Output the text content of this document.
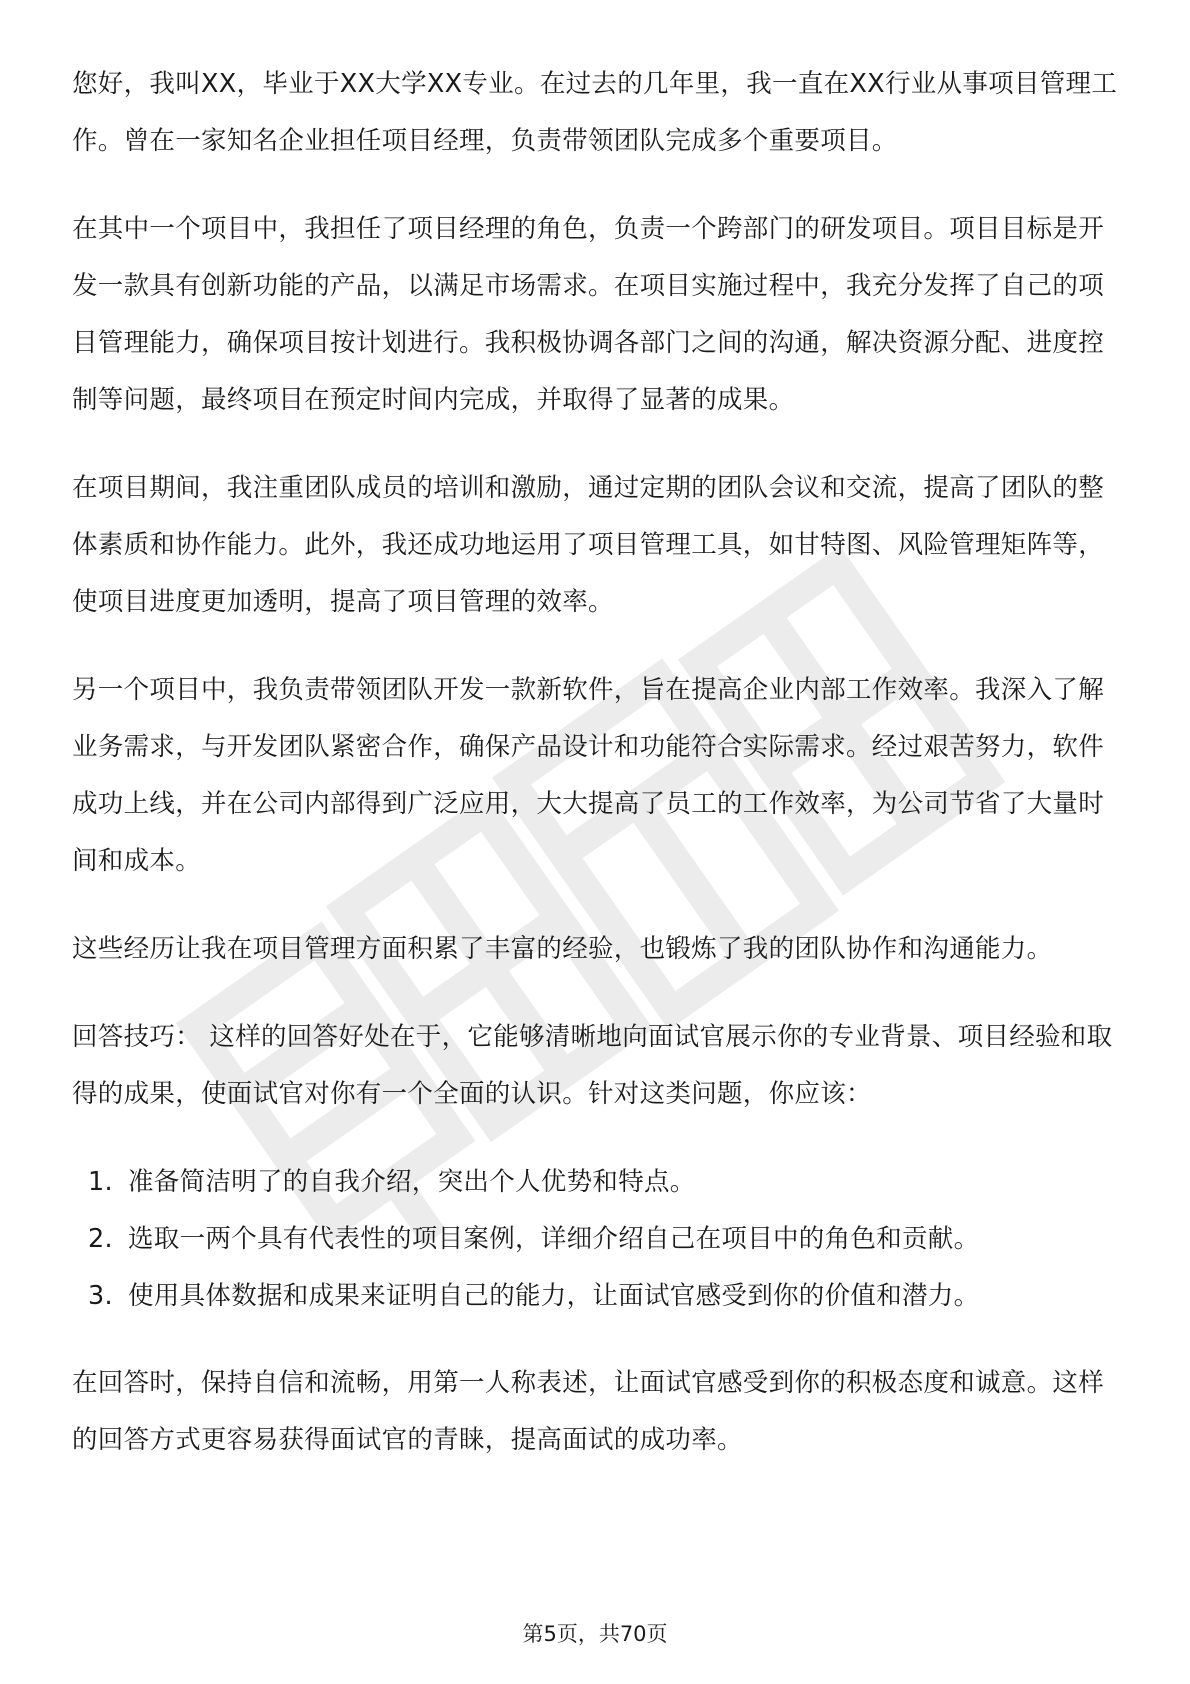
您好，我叫XX，毕业于XX大学XX专业。在过去的几年里，我一直在XX行业从事项目管理工作。曾在一家知名企业担任项目经理，负责带领团队完成多个重要项目。

在其中一个项目中，我担任了项目经理的角色，负责一个跨部门的研发项目。项目目标是开发一款具有创新功能的产品，以满足市场需求。在项目实施过程中，我充分发挥了自己的项目管理能力，确保项目按计划进行。我积极协调各部门之间的沟通，解决资源分配、进度控制等问题，最终项目在预定时间内完成，并取得了显著的成果。

在项目期间，我注重团队成员的培训和激励，通过定期的团队会议和交流，提高了团队的整体素质和协作能力。此外，我还成功地运用了项目管理工具，如甘特图、风险管理矩阵等，使项目进度更加透明，提高了项目管理的效率。

另一个项目中，我负责带领团队开发一款新软件，旨在提高企业内部工作效率。我深入了解业务需求，与开发团队紧密合作，确保产品设计和功能符合实际需求。经过艰苦努力，软件成功上线，并在公司内部得到广泛应用，大大提高了员工的工作效率，为公司节省了大量时间和成本。

这些经历让我在项目管理方面积累了丰富的经验，也锻炼了我的团队协作和沟通能力。

回答技巧： 这样的回答好处在于，它能够清晰地向面试官展示你的专业背景、项目经验和取得的成果，使面试官对你有一个全面的认识。针对这类问题，你应该：

1. 准备简洁明了的自我介绍，突出个人优势和特点。
2. 选取一两个具有代表性的项目案例，详细介绍自己在项目中的角色和贡献。
3. 使用具体数据和成果来证明自己的能力，让面试官感受到你的价值和潜力。

在回答时，保持自信和流畅，用第一人称表述，让面试官感受到你的积极态度和诚意。这样的回答方式更容易获得面试官的青睐，提高面试的成功率。

第5页，共70页
